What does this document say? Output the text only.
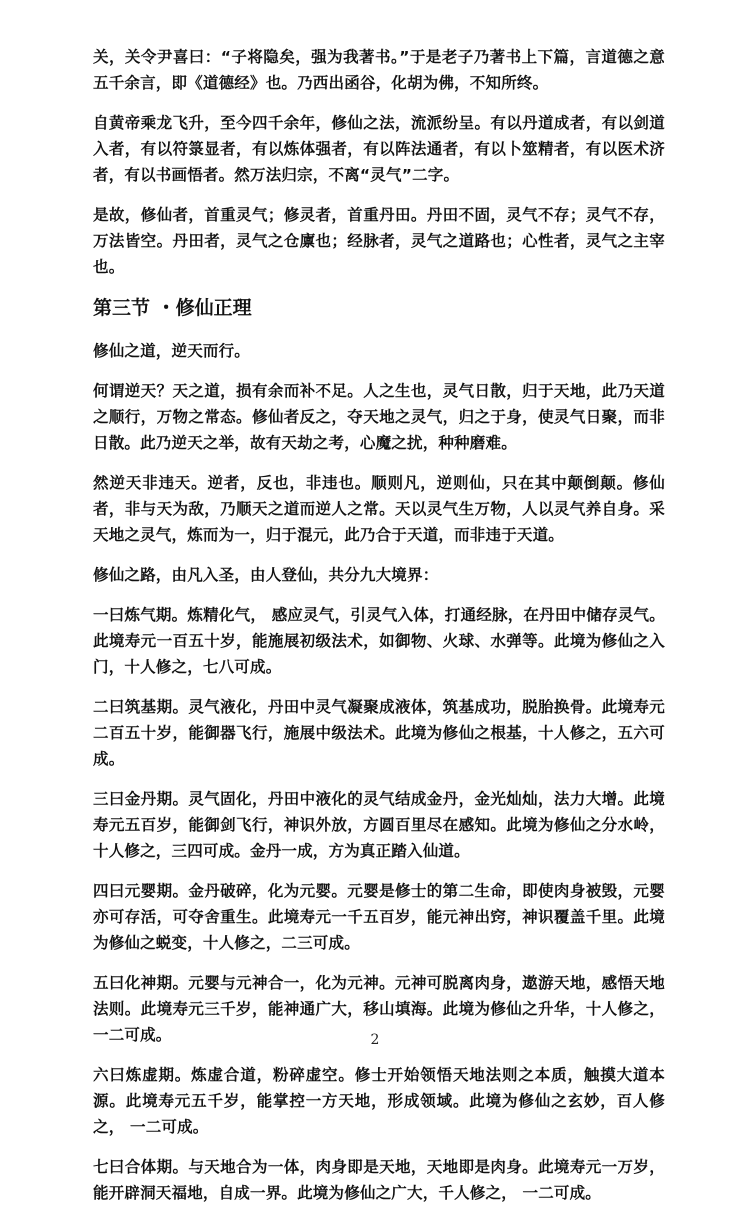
关，关令尹喜曰：“子将隐矣，强为我著书。”于是老子乃著书上下篇，言道德之意五千余言，即《道德经》也。乃西出函谷，化胡为佛，不知所终。

自黄帝乘龙飞升，至今四千余年，修仙之法，流派纷呈。有以丹道成者，有以剑道入者，有以符箓显者，有以炼体强者，有以阵法通者，有以卜筮精者，有以医术济者，有以书画悟者。然万法归宗，不离“灵气”二字。

是故，修仙者，首重灵气；修灵者，首重丹田。丹田不固，灵气不存；灵气不存，万法皆空。丹田者，灵气之仓廪也；经脉者，灵气之道路也；心性者，灵气之主宰也。

第三节 ・修仙正理

修仙之道，逆天而行。

何谓逆天？天之道，损有余而补不足。人之生也，灵气日散，归于天地，此乃天道之顺行，万物之常态。修仙者反之，夺天地之灵气，归之于身，使灵气日聚，而非日散。此乃逆天之举，故有天劫之考，心魔之扰，种种磨难。

然逆天非违天。逆者，反也，非违也。顺则凡，逆则仙，只在其中颠倒颠。修仙者，非与天为敌，乃顺天之道而逆人之常。天以灵气生万物，人以灵气养自身。采天地之灵气，炼而为一，归于混元，此乃合于天道，而非违于天道。

修仙之路，由凡入圣，由人登仙，共分九大境界：

一曰炼气期。炼精化气， 感应灵气，引灵气入体，打通经脉，在丹田中储存灵气。此境寿元一百五十岁，能施展初级法术，如御物、火球、水弹等。此境为修仙之入门，十人修之，七八可成。

二曰筑基期。灵气液化，丹田中灵气凝聚成液体，筑基成功，脱胎换骨。此境寿元二百五十岁，能御器飞行，施展中级法术。此境为修仙之根基，十人修之，五六可成。

三曰金丹期。灵气固化，丹田中液化的灵气结成金丹，金光灿灿，法力大增。此境寿元五百岁，能御剑飞行，神识外放，方圆百里尽在感知。此境为修仙之分水岭，十人修之，三四可成。金丹一成，方为真正踏入仙道。

四曰元婴期。金丹破碎，化为元婴。元婴是修士的第二生命，即使肉身被毁，元婴亦可存活，可夺舍重生。此境寿元一千五百岁，能元神出窍，神识覆盖千里。此境为修仙之蜕变，十人修之，二三可成。

五曰化神期。元婴与元神合一，化为元神。元神可脱离肉身，遨游天地，感悟天地法则。此境寿元三千岁，能神通广大，移山填海。此境为修仙之升华，十人修之， 一二可成。

六曰炼虚期。炼虚合道，粉碎虚空。修士开始领悟天地法则之本质，触摸大道本源。此境寿元五千岁，能掌控一方天地，形成领域。此境为修仙之玄妙，百人修之， 一二可成。

七曰合体期。与天地合为一体，肉身即是天地，天地即是肉身。此境寿元一万岁，能开辟洞天福地，自成一界。此境为修仙之广大，千人修之， 一二可成。

2
